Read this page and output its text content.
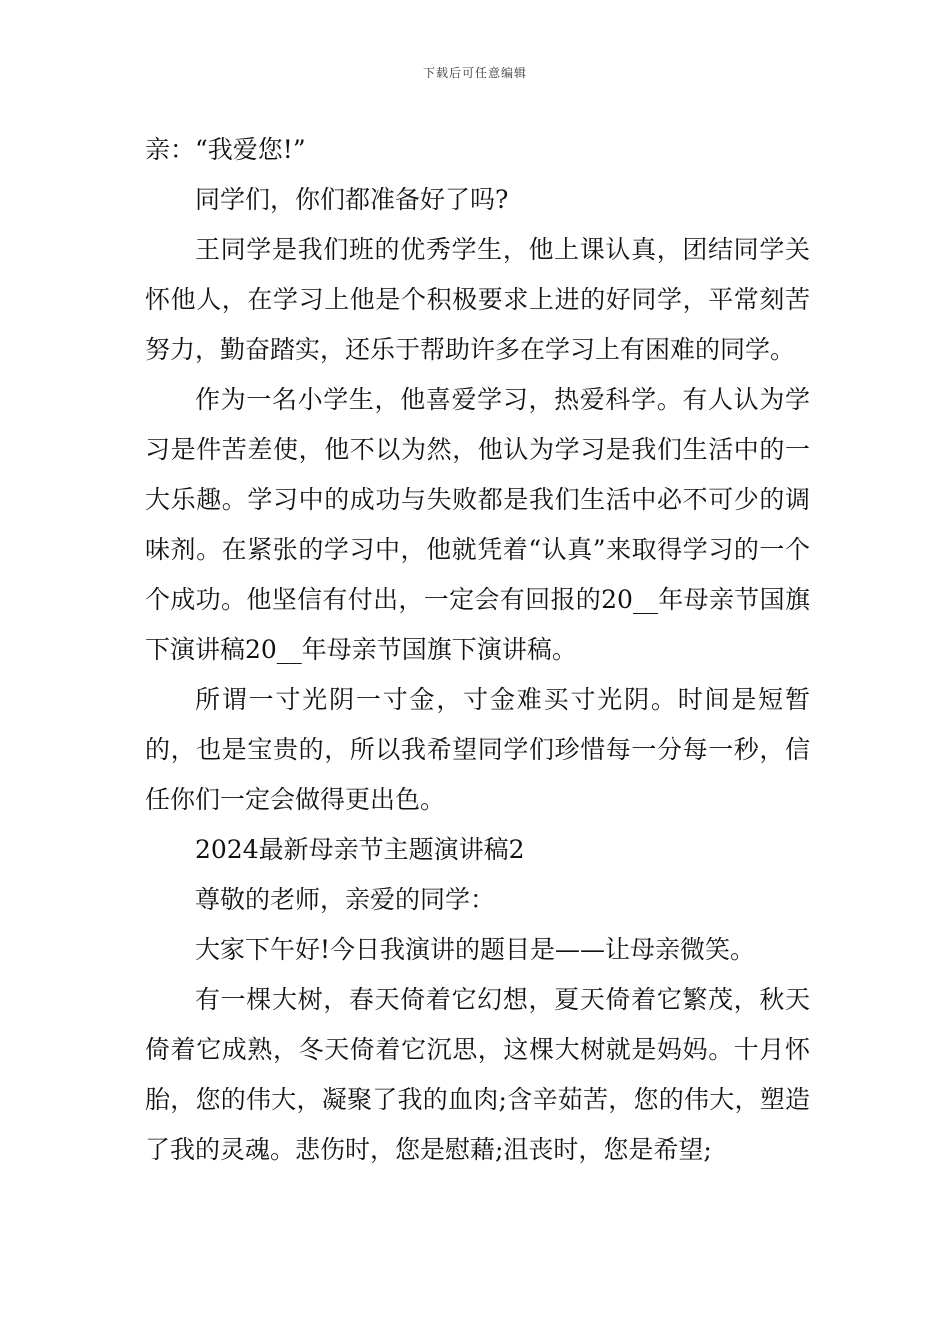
下载后可任意编辑

亲：“我爱您!”

同学们，你们都准备好了吗?

王同学是我们班的优秀学生，他上课认真，团结同学关怀他人，在学习上他是个积极要求上进的好同学，平常刻苦努力，勤奋踏实，还乐于帮助许多在学习上有困难的同学。

作为一名小学生，他喜爱学习，热爱科学。有人认为学习是件苦差使，他不以为然，他认为学习是我们生活中的一大乐趣。学习中的成功与失败都是我们生活中必不可少的调味剂。在紧张的学习中，他就凭着“认真”来取得学习的一个个成功。他坚信有付出，一定会有回报的20__年母亲节国旗下演讲稿20__年母亲节国旗下演讲稿。

所谓一寸光阴一寸金，寸金难买寸光阴。时间是短暂的，也是宝贵的，所以我希望同学们珍惜每一分每一秒，信任你们一定会做得更出色。

2024最新母亲节主题演讲稿2

尊敬的老师，亲爱的同学：

大家下午好!今日我演讲的题目是——让母亲微笑。

有一棵大树，春天倚着它幻想，夏天倚着它繁茂，秋天倚着它成熟，冬天倚着它沉思，这棵大树就是妈妈。十月怀胎，您的伟大，凝聚了我的血肉;含辛茹苦，您的伟大，塑造了我的灵魂。悲伤时，您是慰藉;沮丧时，您是希望;
